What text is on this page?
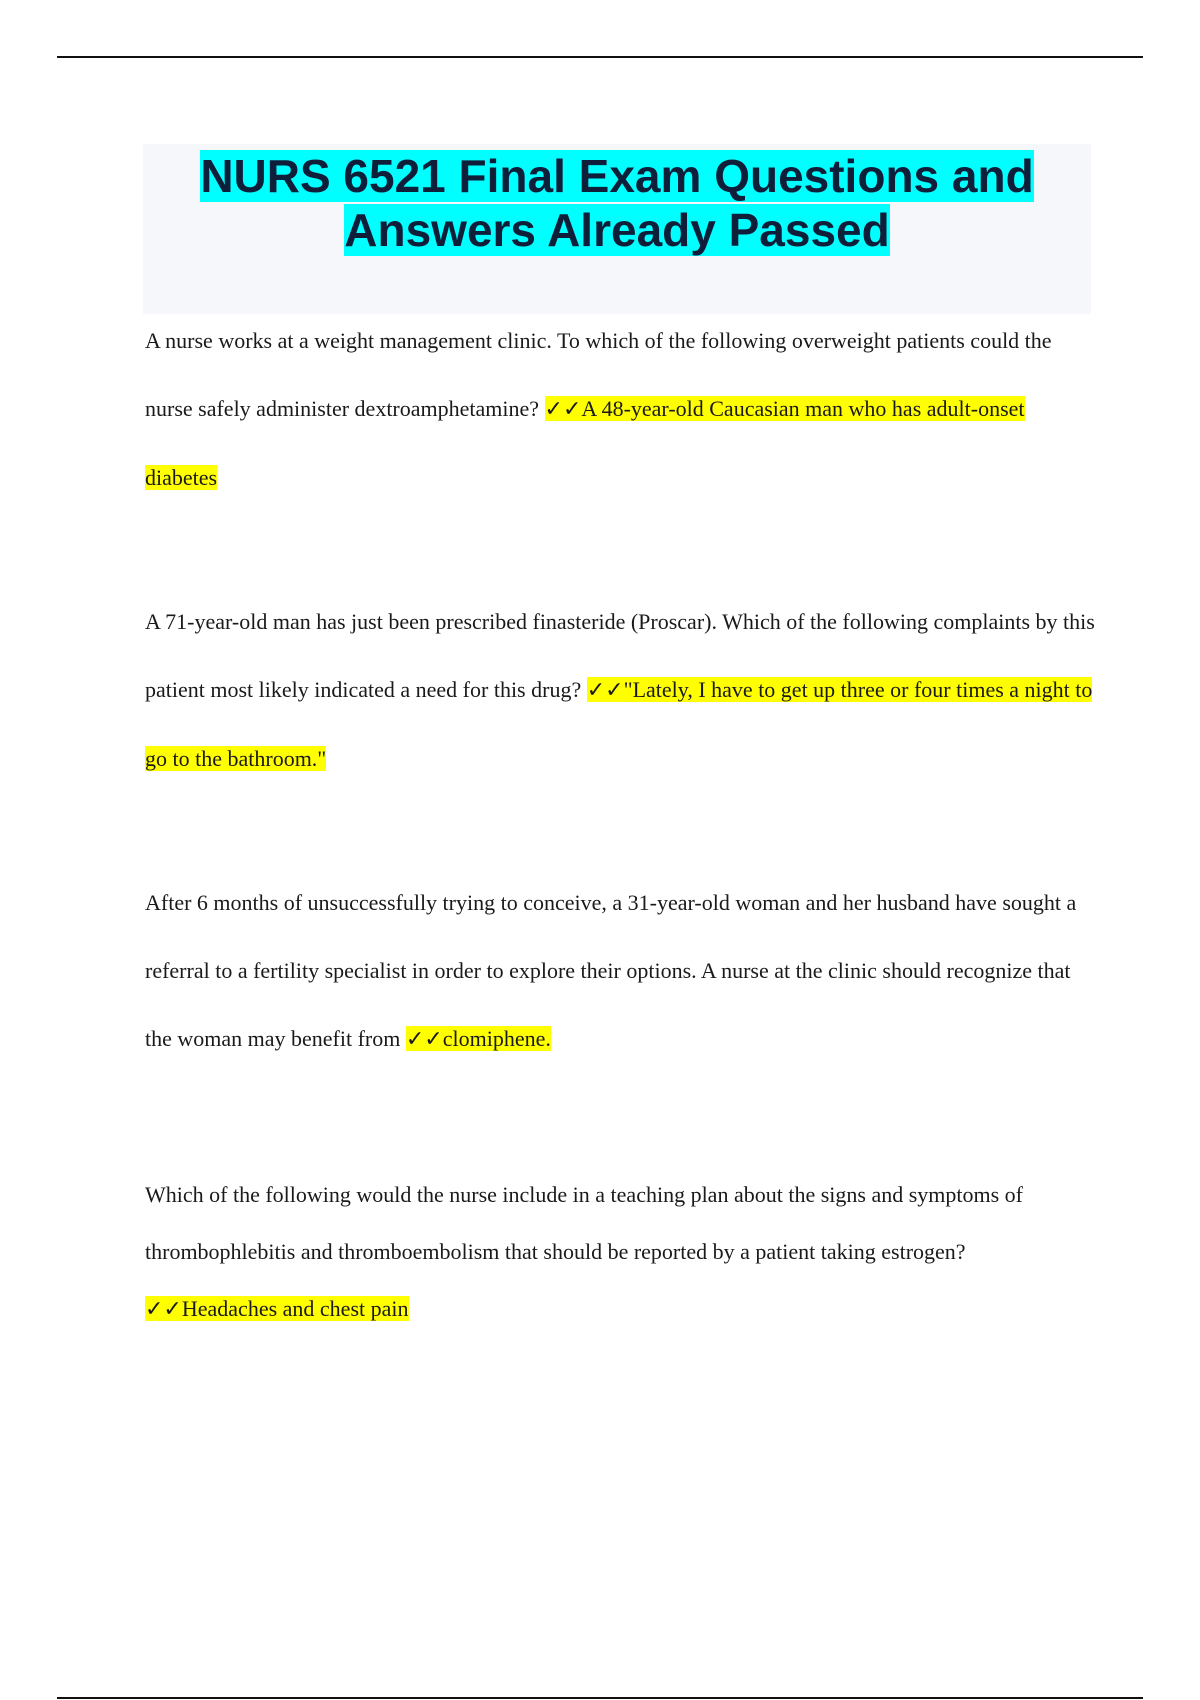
NURS 6521 Final Exam Questions and
Answers Already Passed

A nurse works at a weight management clinic. To which of the following overweight patients could the nurse safely administer dextroamphetamine? ✓✓A 48-year-old Caucasian man who has adult-onset diabetes

A 71-year-old man has just been prescribed finasteride (Proscar). Which of the following complaints by this patient most likely indicated a need for this drug? ✓✓"Lately, I have to get up three or four times a night to go to the bathroom."

After 6 months of unsuccessfully trying to conceive, a 31-year-old woman and her husband have sought a referral to a fertility specialist in order to explore their options. A nurse at the clinic should recognize that the woman may benefit from ✓✓clomiphene.

Which of the following would the nurse include in a teaching plan about the signs and symptoms of thrombophlebitis and thromboembolism that should be reported by a patient taking estrogen? ✓✓Headaches and chest pain
